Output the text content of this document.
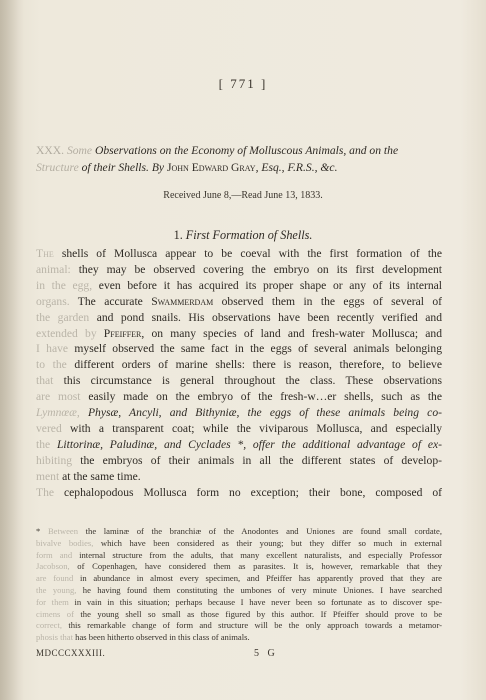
[ 771 ]
XXX. Some Observations on the Economy of Molluscous Animals, and on the
Structure of their Shells. By John Edward Gray, Esq., F.R.S., &c.
Received June 8,—Read June 13, 1833.
1. First Formation of Shells.

The shells of Mollusca appear to be coeval with the first formation of the
animal: they may be observed covering the embryo on its first development
in the egg, even before it has acquired its proper shape or any of its internal
organs. The accurate Swammerdam observed them in the eggs of several of
the garden and pond snails. His observations have been recently verified and
extended by Pfeiffer, on many species of land and fresh-water Mollusca; and
I have myself observed the same fact in the eggs of several animals belonging
to the different orders of marine shells: there is reason, therefore, to believe
that this circumstance is general throughout the class. These observations
are most easily made on the embryo of the fresh-w…er shells, such as the
Lymnœæ, Physæ, Ancyli, and Bithyniæ, the eggs of these animals being co-
vered with a transparent coat; while the viviparous Mollusca, and especially
the Littorinæ, Paludinæ, and Cyclades *, offer the additional advantage of ex-
hibiting the embryos of their animals in all the different states of develop-
ment at the same time.

The cephalopodous Mollusca form no exception; their bone, composed of

* Between the laminæ of the branchiæ of the Anodontes and Uniones are found small cordate,
bivalve bodies, which have been considered as their young; but they differ so much in external
form and internal structure from the adults, that many excellent naturalists, and especially Professor
Jacobson, of Copenhagen, have considered them as parasites. It is, however, remarkable that they
are found in abundance in almost every specimen, and Pfeiffer has apparently proved that they are
the young, he having found them constituting the umbones of very minute Uniones. I have searched
for them in vain in this situation; perhaps because I have never been so fortunate as to discover spe-
cimens of the young shell so small as those figured by this author. If Pfeiffer should prove to be
correct, this remarkable change of form and structure will be the only approach towards a metamor-
phosis that has been hitherto observed in this class of animals.
MDCCCXXXIII.	5 G
